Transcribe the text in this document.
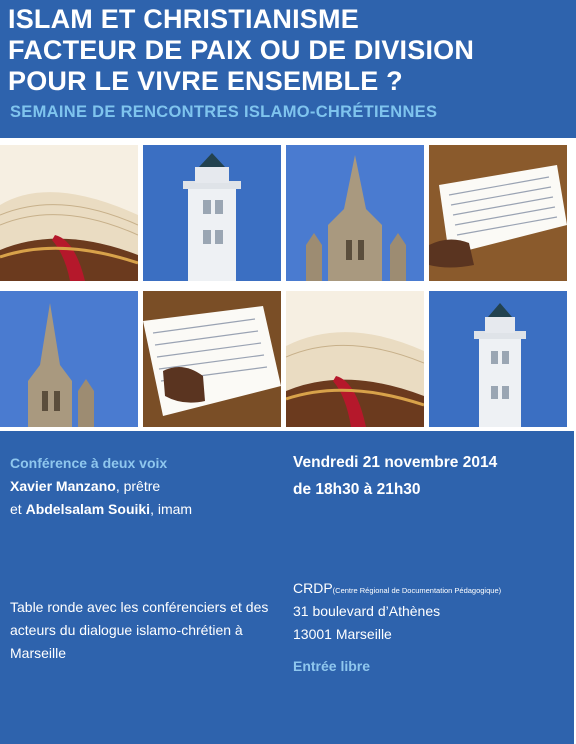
ISLAM ET CHRISTIANISME
FACTEUR DE PAIX OU DE DIVISION
POUR LE VIVRE ENSEMBLE ?
SEMAINE DE RENCONTRES ISLAMO-CHRÉTIENNES
Conférence à deux voix
Xavier Manzano, prêtre
et Abdelsalam Souiki, imam
Vendredi 21 novembre 2014
de 18h30 à 21h30
Table ronde avec les conférenciers et des acteurs du dialogue islamo-chrétien à Marseille
CRDP(Centre Régional de Documentation Pédagogique)
31 boulevard d’Athènes
13001 Marseille
Entrée libre
